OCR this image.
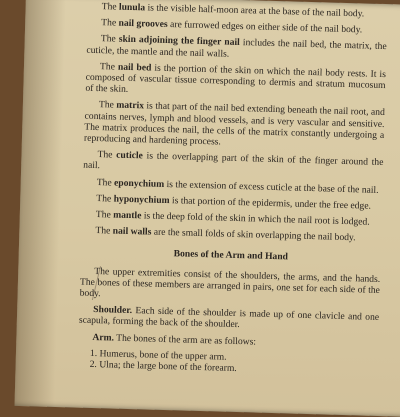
The lunula is the visible half-moon area at the base of the nail body.

The nail grooves are furrowed edges on either side of the nail body.

The skin adjoining the finger nail includes the nail bed, the matrix, the cuticle, the mantle and the nail walls.

The nail bed is the portion of the skin on which the nail body rests. It is composed of vascular tissue corresponding to dermis and stratum mucosum of the skin.

The matrix is that part of the nail bed extending beneath the nail root, and contains nerves, lymph and blood vessels, and is very vascular and sensitive. The matrix produces the nail, the cells of the matrix constantly undergoing a reproducing and hardening process.

The cuticle is the overlapping part of the skin of the finger around the nail.

The eponychium is the extension of excess cuticle at the base of the nail.

The hyponychium is that portion of the epidermis, under the free edge.

The mantle is the deep fold of the skin in which the nail root is lodged.

The nail walls are the small folds of skin overlapping the nail body.

Bones of the Arm and Hand

The upper extremities consist of the shoulders, the arms, and the hands. The bones of these members are arranged in pairs, one set for each side of the body.

Shoulder. Each side of the shoulder is made up of one clavicle and one scapula, forming the back of the shoulder.

Arm. The bones of the arm are as follows:

1. Humerus, bone of the upper arm.
2. Ulna; the large bone of the forearm.
